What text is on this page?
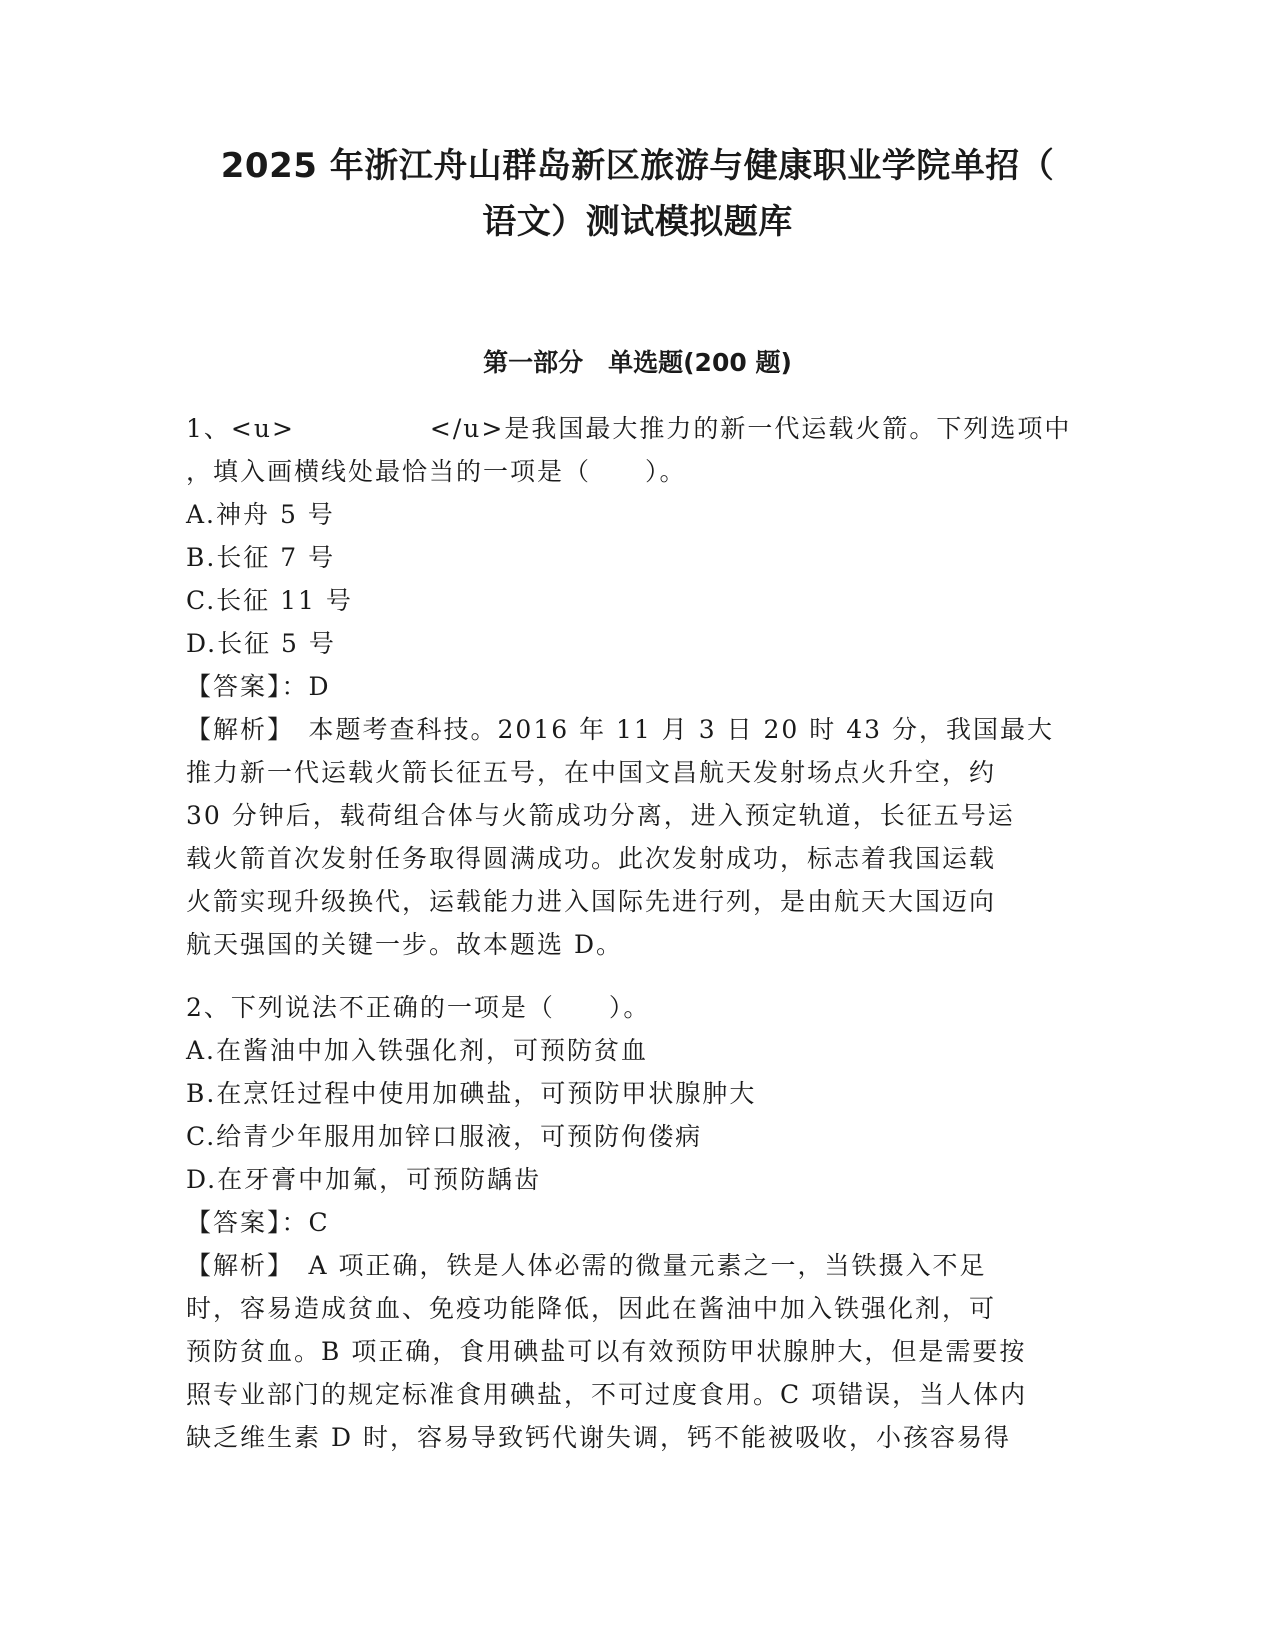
2025 年浙江舟山群岛新区旅游与健康职业学院单招（
语文）测试模拟题库
第一部分　单选题(200 题)
1、<u>　　　　　</u>是我国最大推力的新一代运载火箭。下列选项中
，填入画横线处最恰当的一项是（　　）。
A.神舟 5 号
B.长征 7 号
C.长征 11 号
D.长征 5 号
【答案】：D
【解析】　本题考查科技。2016 年 11 月 3 日 20 时 43 分，我国最大
推力新一代运载火箭长征五号，在中国文昌航天发射场点火升空，约
30 分钟后，载荷组合体与火箭成功分离，进入预定轨道，长征五号运
载火箭首次发射任务取得圆满成功。此次发射成功，标志着我国运载
火箭实现升级换代，运载能力进入国际先进行列，是由航天大国迈向
航天强国的关键一步。故本题选 D。
2、下列说法不正确的一项是（　　）。
A.在酱油中加入铁强化剂，可预防贫血
B.在烹饪过程中使用加碘盐，可预防甲状腺肿大
C.给青少年服用加锌口服液，可预防佝偻病
D.在牙膏中加氟，可预防龋齿
【答案】：C
【解析】　A 项正确，铁是人体必需的微量元素之一，当铁摄入不足
时，容易造成贫血、免疫功能降低，因此在酱油中加入铁强化剂，可
预防贫血。B 项正确，食用碘盐可以有效预防甲状腺肿大，但是需要按
照专业部门的规定标准食用碘盐，不可过度食用。C 项错误，当人体内
缺乏维生素 D 时，容易导致钙代谢失调，钙不能被吸收，小孩容易得
